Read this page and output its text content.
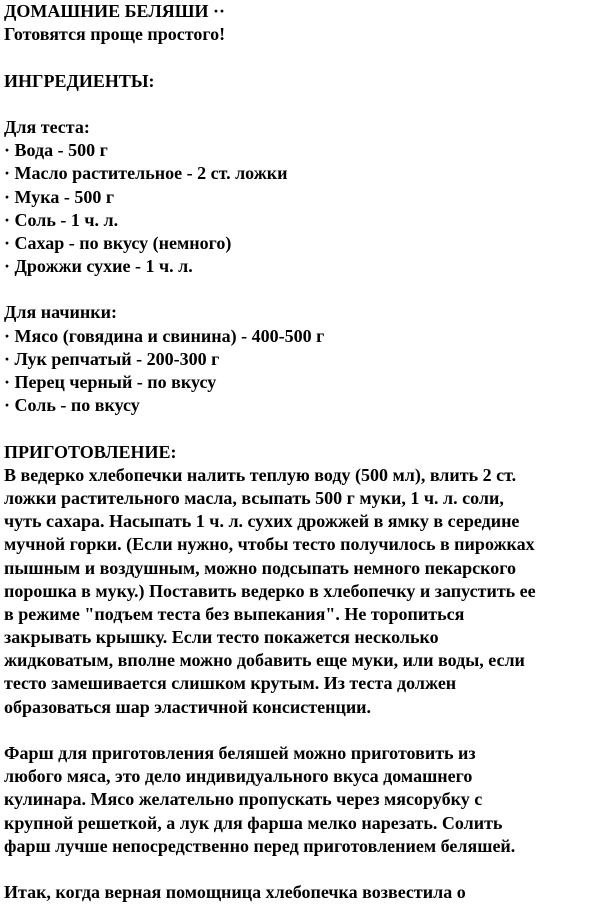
ДОМАШНИЕ БЕЛЯШИ ··
Готовятся проще простого!
ИНГРЕДИЕНТЫ:
Для теста:
· Вода - 500 г
· Масло растительное - 2 ст. ложки
· Мука - 500 г
· Соль - 1 ч. л.
· Сахар - по вкусу (немного)
· Дрожжи сухие - 1 ч. л.
Для начинки:
· Мясо (говядина и свинина) - 400-500 г
· Лук репчатый - 200-300 г
· Перец черный - по вкусу
· Соль - по вкусу
ПРИГОТОВЛЕНИЕ:
В ведерко хлебопечки налить теплую воду (500 мл), влить 2 ст.
ложки растительного масла, всыпать 500 г муки, 1 ч. л. соли,
чуть сахара. Насыпать 1 ч. л. сухих дрожжей в ямку в середине
мучной горки. (Если нужно, чтобы тесто получилось в пирожках
пышным и воздушным, можно подсыпать немного пекарского
порошка в муку.) Поставить ведерко в хлебопечку и запустить ее
в режиме "подъем теста без выпекания". Не торопиться
закрывать крышку. Если тесто покажется несколько
жидковатым, вполне можно добавить еще муки, или воды, если
тесто замешивается слишком крутым. Из теста должен
образоваться шар эластичной консистенции.
Фарш для приготовления беляшей можно приготовить из
любого мяса, это дело индивидуального вкуса домашнего
кулинара. Мясо желательно пропускать через мясорубку с
крупной решеткой, а лук для фарша мелко нарезать. Солить
фарш лучше непосредственно перед приготовлением беляшей.
Итак, когда верная помощница хлебопечка возвестила о
